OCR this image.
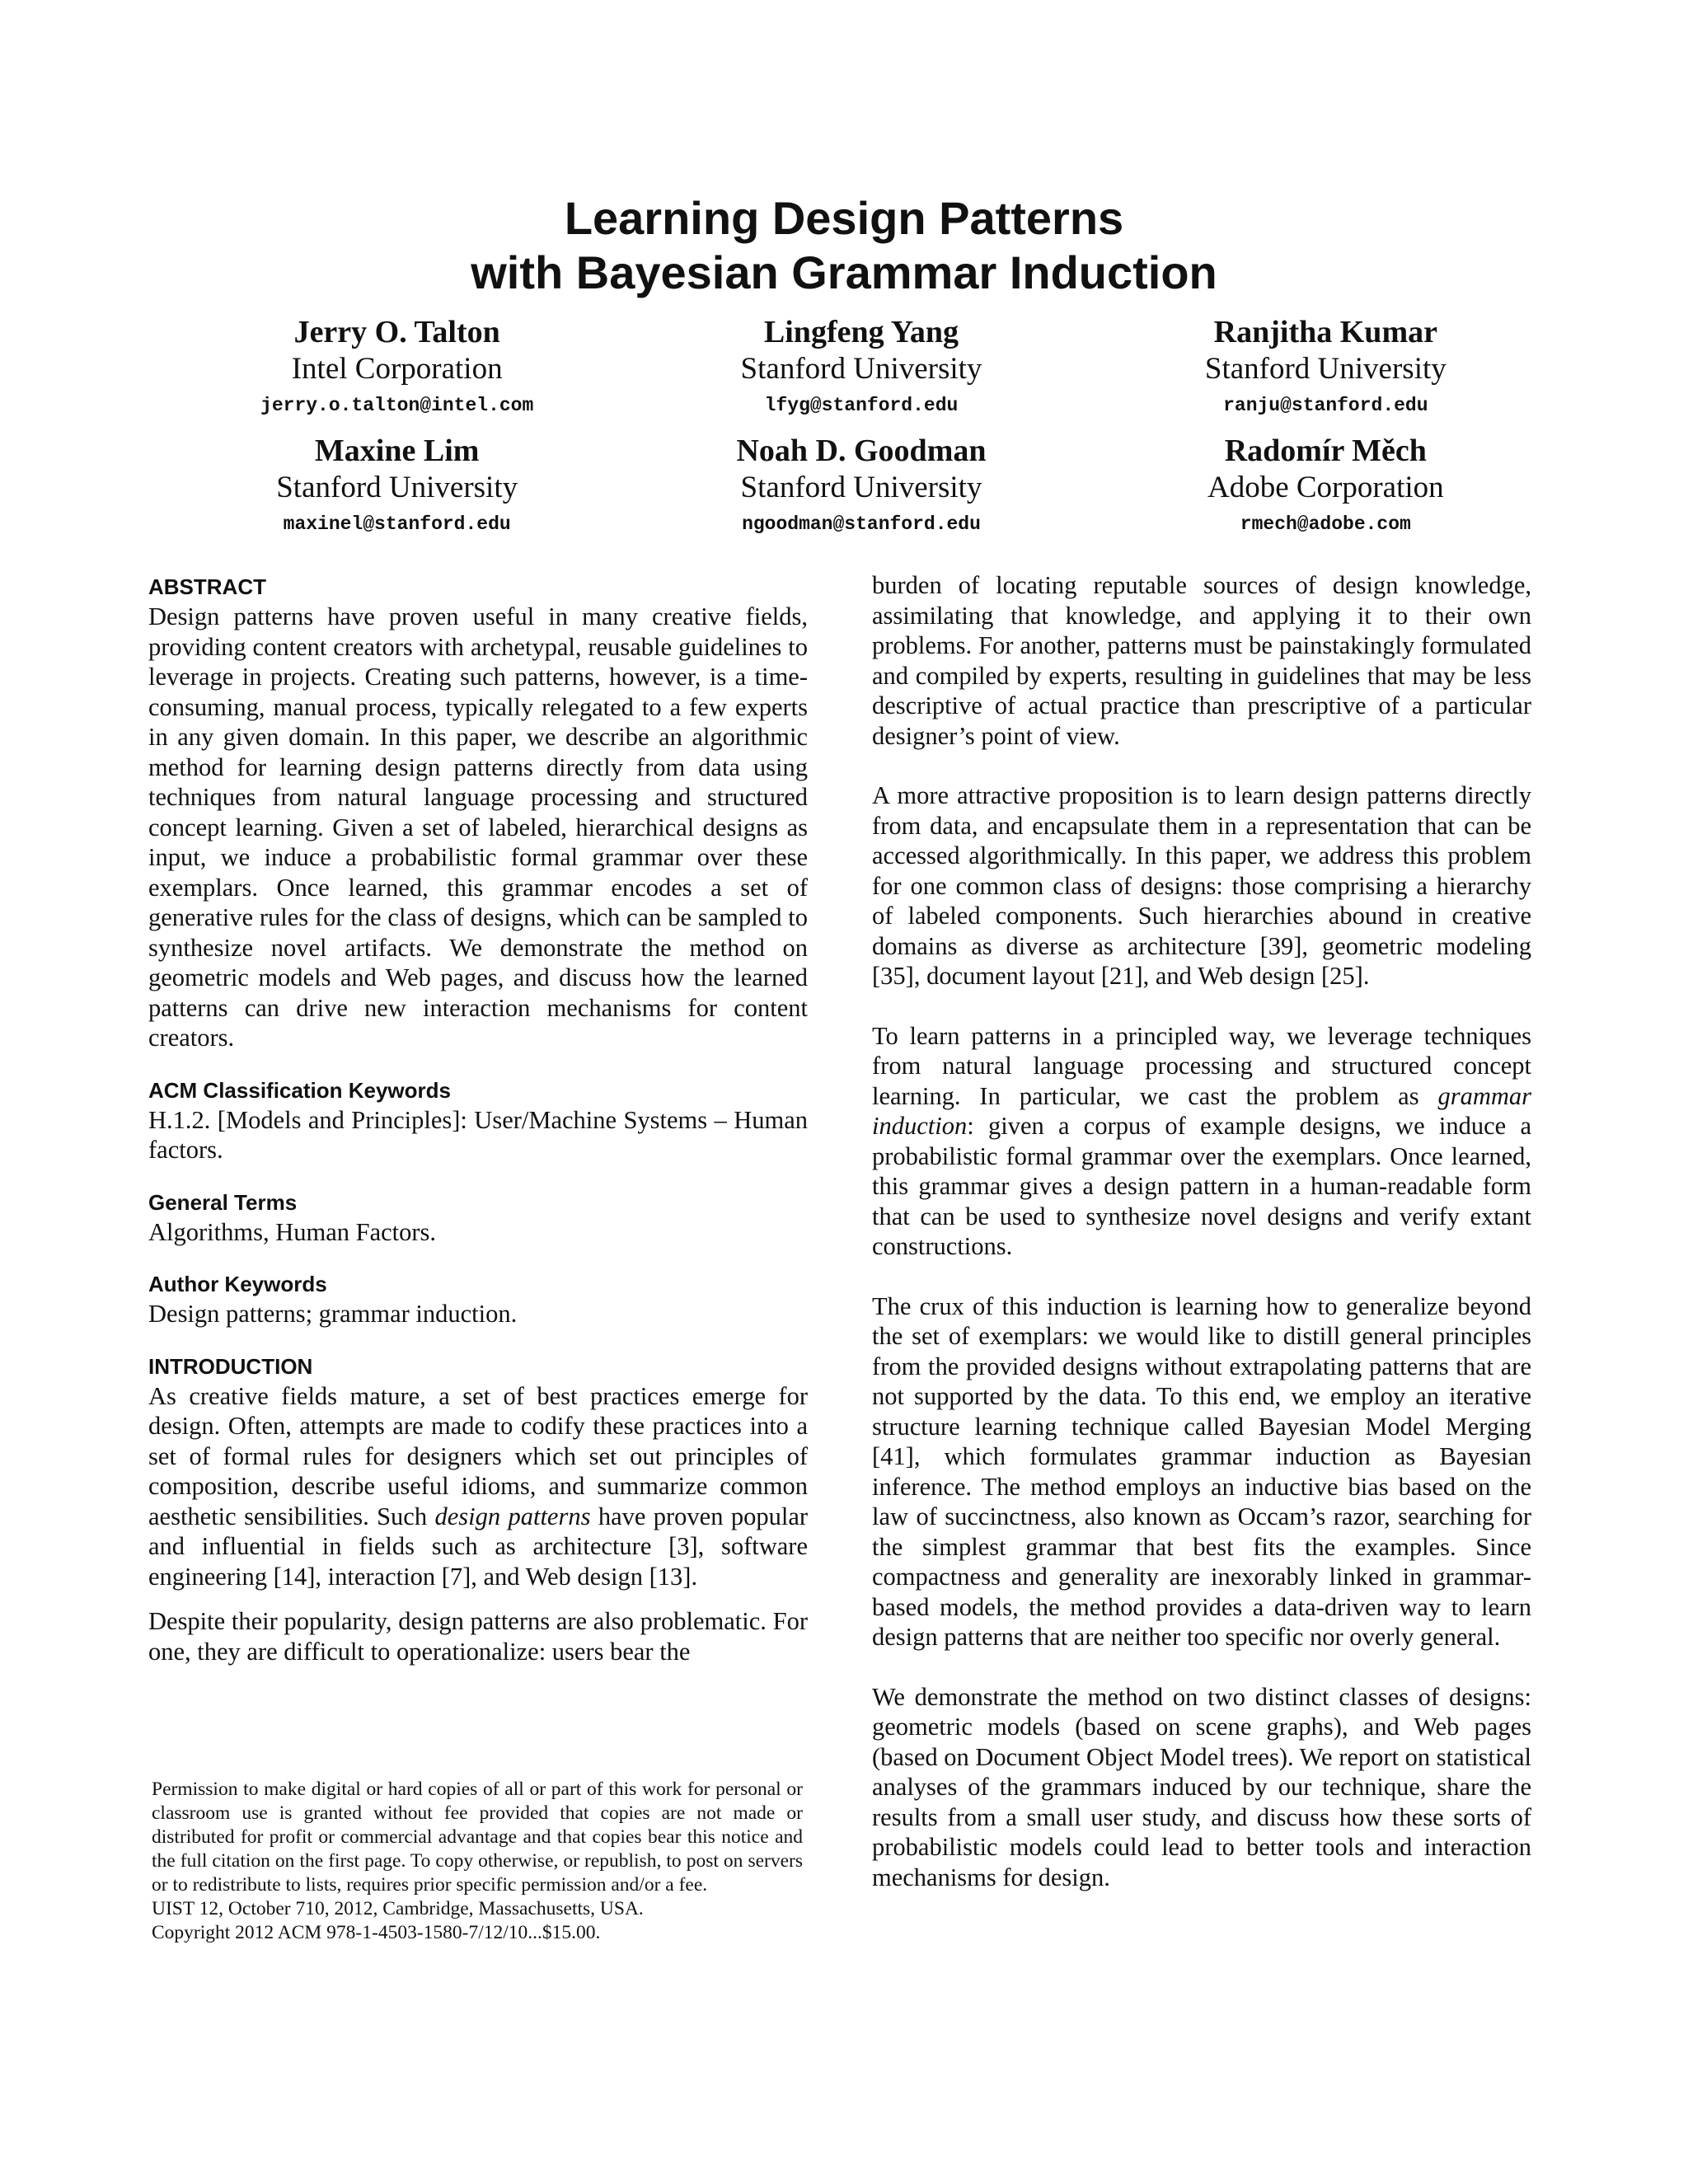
Learning Design Patterns
with Bayesian Grammar Induction
Jerry O. Talton
Intel Corporation
jerry.o.talton@intel.com
Lingfeng Yang
Stanford University
lfyg@stanford.edu
Ranjitha Kumar
Stanford University
ranju@stanford.edu
Maxine Lim
Stanford University
maxinel@stanford.edu
Noah D. Goodman
Stanford University
ngoodman@stanford.edu
Radomír Měch
Adobe Corporation
rmech@adobe.com
ABSTRACT

Design patterns have proven useful in many creative fields, providing content creators with archetypal, reusable guidelines to leverage in projects. Creating such patterns, however, is a time-consuming, manual process, typically relegated to a few experts in any given domain. In this paper, we describe an algorithmic method for learning design patterns directly from data using techniques from natural language processing and structured concept learning. Given a set of labeled, hierarchical designs as input, we induce a probabilistic formal grammar over these exemplars. Once learned, this grammar encodes a set of generative rules for the class of designs, which can be sampled to synthesize novel artifacts. We demonstrate the method on geometric models and Web pages, and discuss how the learned patterns can drive new interaction mechanisms for content creators.

ACM Classification Keywords

H.1.2. [Models and Principles]: User/Machine Systems – Human factors.

General Terms

Algorithms, Human Factors.

Author Keywords

Design patterns; grammar induction.

INTRODUCTION

As creative fields mature, a set of best practices emerge for design. Often, attempts are made to codify these practices into a set of formal rules for designers which set out principles of composition, describe useful idioms, and summarize common aesthetic sensibilities. Such design patterns have proven popular and influential in fields such as architecture [3], software engineering [14], interaction [7], and Web design [13].

Despite their popularity, design patterns are also problematic. For one, they are difficult to operationalize: users bear the

Permission to make digital or hard copies of all or part of this work for personal or classroom use is granted without fee provided that copies are not made or distributed for profit or commercial advantage and that copies bear this notice and the full citation on the first page. To copy otherwise, or republish, to post on servers or to redistribute to lists, requires prior specific permission and/or a fee.

UIST 12, October 710, 2012, Cambridge, Massachusetts, USA.

Copyright 2012 ACM 978-1-4503-1580-7/12/10...$15.00.

burden of locating reputable sources of design knowledge, assimilating that knowledge, and applying it to their own problems. For another, patterns must be painstakingly formulated and compiled by experts, resulting in guidelines that may be less descriptive of actual practice than prescriptive of a particular designer’s point of view.

A more attractive proposition is to learn design patterns directly from data, and encapsulate them in a representation that can be accessed algorithmically. In this paper, we address this problem for one common class of designs: those comprising a hierarchy of labeled components. Such hierarchies abound in creative domains as diverse as architecture [39], geometric modeling [35], document layout [21], and Web design [25].

To learn patterns in a principled way, we leverage techniques from natural language processing and structured concept learning. In particular, we cast the problem as grammar induction: given a corpus of example designs, we induce a probabilistic formal grammar over the exemplars. Once learned, this grammar gives a design pattern in a human-readable form that can be used to synthesize novel designs and verify extant constructions.

The crux of this induction is learning how to generalize beyond the set of exemplars: we would like to distill general principles from the provided designs without extrapolating patterns that are not supported by the data. To this end, we employ an iterative structure learning technique called Bayesian Model Merging [41], which formulates grammar induction as Bayesian inference. The method employs an inductive bias based on the law of succinctness, also known as Occam’s razor, searching for the simplest grammar that best fits the examples. Since compactness and generality are inexorably linked in grammar-based models, the method provides a data-driven way to learn design patterns that are neither too specific nor overly general.

We demonstrate the method on two distinct classes of designs: geometric models (based on scene graphs), and Web pages (based on Document Object Model trees). We report on statistical analyses of the grammars induced by our technique, share the results from a small user study, and discuss how these sorts of probabilistic models could lead to better tools and interaction mechanisms for design.
